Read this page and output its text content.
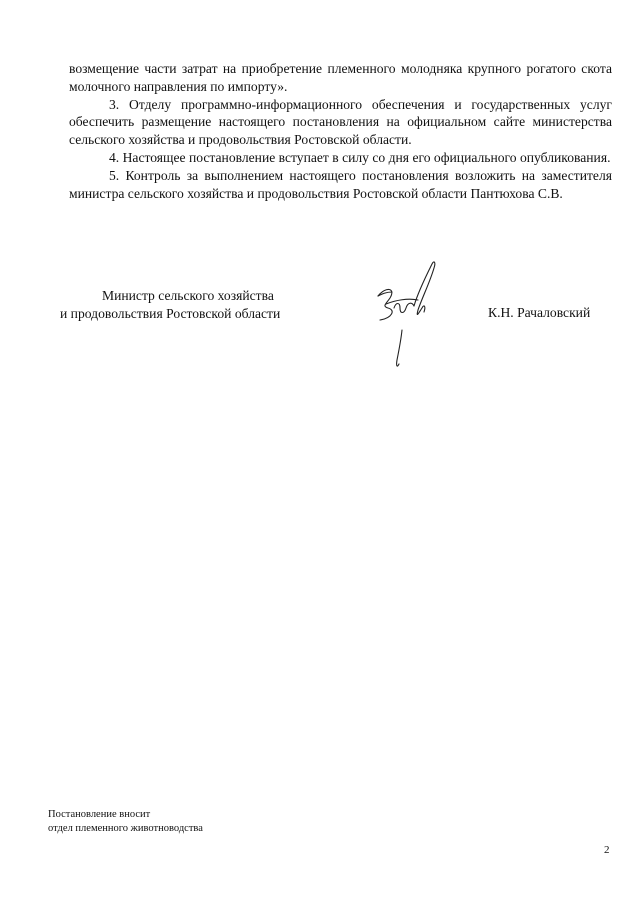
возмещение части затрат на приобретение племенного молодняка крупного рогатого скота молочного направления по импорту».

3. Отделу программно-информационного обеспечения и государственных услуг обеспечить размещение настоящего постановления на официальном сайте министерства сельского хозяйства и продовольствия Ростовской области.

4. Настоящее постановление вступает в силу со дня его официального опубликования.

5. Контроль за выполнением настоящего постановления возложить на заместителя министра сельского хозяйства и продовольствия Ростовской области Пантюхова С.В.

Министр сельского хозяйства
и продовольствия Ростовской области	К.Н. Рачаловский
Постановление вносит
отдел племенного животноводства
2
